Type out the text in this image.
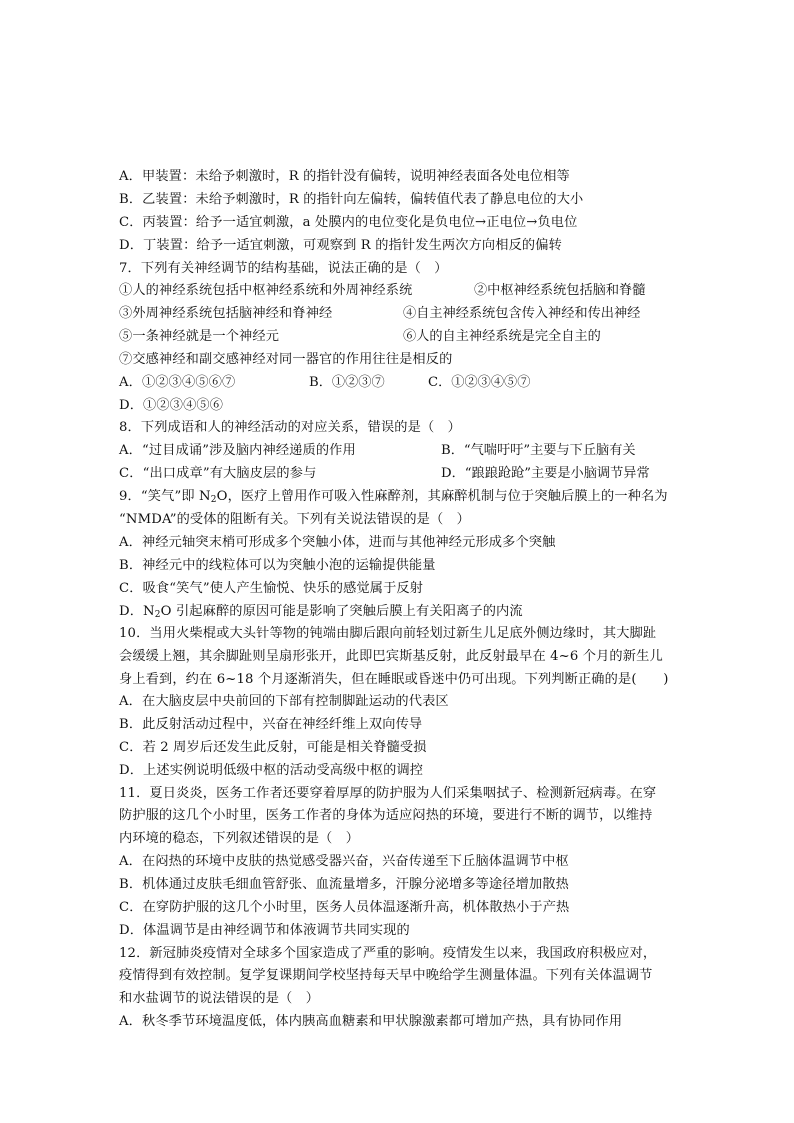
A．甲装置：未给予刺激时，R 的指针没有偏转，说明神经表面各处电位相等
B．乙装置：未给予刺激时，R 的指针向左偏转，偏转值代表了静息电位的大小
C．丙装置：给予一适宜刺激，a 处膜内的电位变化是负电位→正电位→负电位
D．丁装置：给予一适宜刺激，可观察到 R 的指针发生两次方向相反的偏转
7．下列有关神经调节的结构基础，说法正确的是（　）
①人的神经系统包括中枢神经系统和外周神经系统	②中枢神经系统包括脑和脊髓
③外周神经系统包括脑神经和脊神经	④自主神经系统包含传入神经和传出神经
⑤一条神经就是一个神经元	⑥人的自主神经系统是完全自主的
⑦交感神经和副交感神经对同一器官的作用往往是相反的
A．①②③④⑤⑥⑦	B．①②③⑦	C．①②③④⑤⑦
D．①②③④⑤⑥
8．下列成语和人的神经活动的对应关系，错误的是（　）
A．“过目成诵”涉及脑内神经递质的作用	B．“气喘吁吁”主要与下丘脑有关
C．“出口成章”有大脑皮层的参与	D．“踉踉跄跄”主要是小脑调节异常
9．“笑气”即 $N_2O$，医疗上曾用作可吸入性麻醉剂，其麻醉机制与位于突触后膜上的一种名为
“NMDA”的受体的阻断有关。下列有关说法错误的是（　）
A．神经元轴突末梢可形成多个突触小体，进而与其他神经元形成多个突触
B．神经元中的线粒体可以为突触小泡的运输提供能量
C．吸食“笑气”使人产生愉悦、快乐的感觉属于反射
D．$N_2O$ 引起麻醉的原因可能是影响了突触后膜上有关阳离子的内流
10．当用火柴棍或大头针等物的钝端由脚后跟向前轻划过新生儿足底外侧边缘时，其大脚趾
会缓缓上翘，其余脚趾则呈扇形张开，此即巴宾斯基反射，此反射最早在 4~6 个月的新生儿
身上看到，约在 6~18 个月逐渐消失，但在睡眠或昏迷中仍可出现。下列判断正确的是(　　)
A．在大脑皮层中央前回的下部有控制脚趾运动的代表区
B．此反射活动过程中，兴奋在神经纤维上双向传导
C．若 2 周岁后还发生此反射，可能是相关脊髓受损
D．上述实例说明低级中枢的活动受高级中枢的调控
11．夏日炎炎，医务工作者还要穿着厚厚的防护服为人们采集咽拭子、检测新冠病毒。在穿
防护服的这几个小时里，医务工作者的身体为适应闷热的环境，要进行不断的调节，以维持
内环境的稳态，下列叙述错误的是（　）
A．在闷热的环境中皮肤的热觉感受器兴奋，兴奋传递至下丘脑体温调节中枢
B．机体通过皮肤毛细血管舒张、血流量增多，汗腺分泌增多等途径增加散热
C．在穿防护服的这几个小时里，医务人员体温逐渐升高，机体散热小于产热
D．体温调节是由神经调节和体液调节共同实现的
12．新冠肺炎疫情对全球多个国家造成了严重的影响。疫情发生以来，我国政府积极应对，
疫情得到有效控制。复学复课期间学校坚持每天早中晚给学生测量体温。下列有关体温调节
和水盐调节的说法错误的是（　）
A．秋冬季节环境温度低，体内胰高血糖素和甲状腺激素都可增加产热，具有协同作用
